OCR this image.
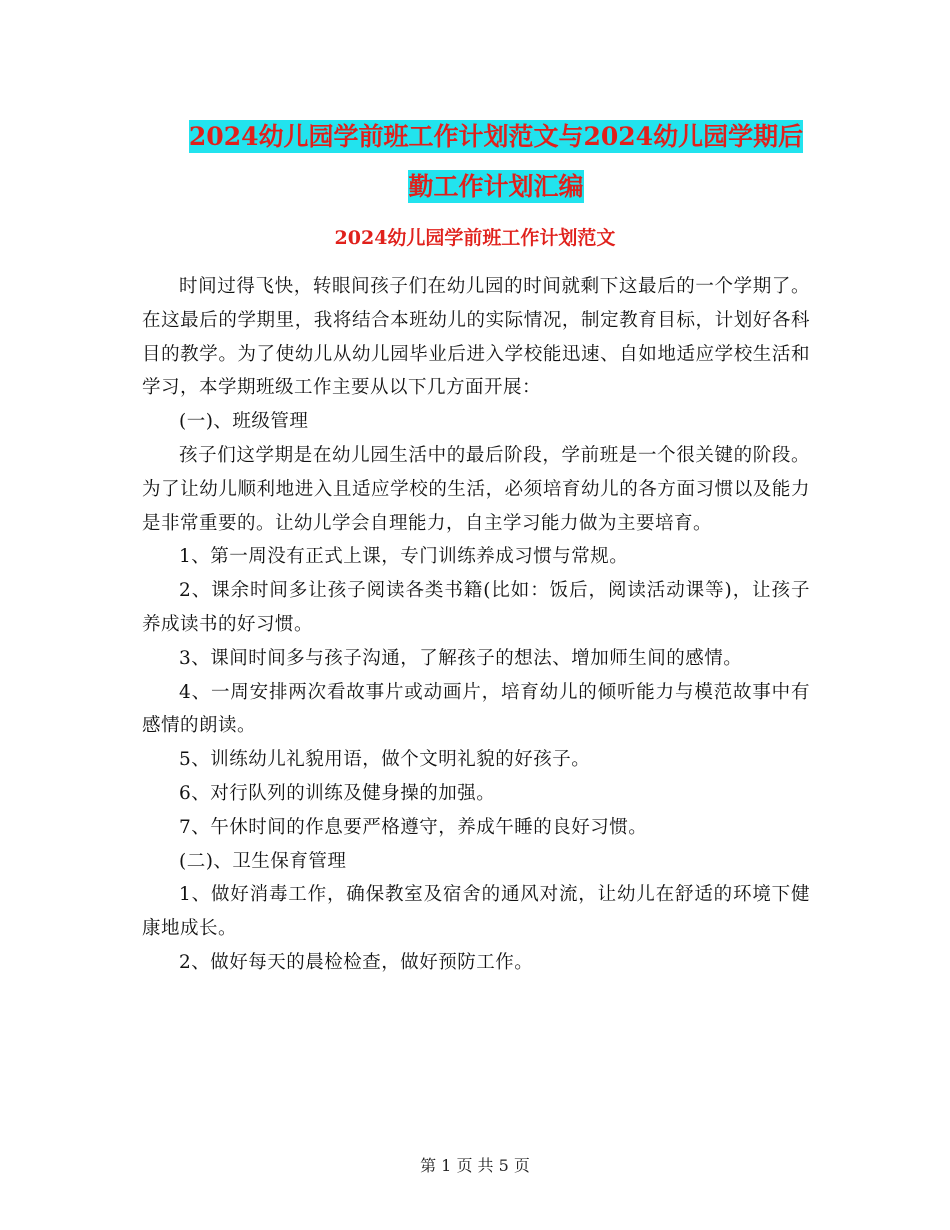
2024幼儿园学前班工作计划范文与2024幼儿园学期后
勤工作计划汇编
2024幼儿园学前班工作计划范文

时间过得飞快，转眼间孩子们在幼儿园的时间就剩下这最后的一个学期了。在这最后的学期里，我将结合本班幼儿的实际情况，制定教育目标，计划好各科目的教学。为了使幼儿从幼儿园毕业后进入学校能迅速、自如地适应学校生活和学习，本学期班级工作主要从以下几方面开展：

(一)、班级管理

孩子们这学期是在幼儿园生活中的最后阶段，学前班是一个很关键的阶段。为了让幼儿顺利地进入且适应学校的生活，必须培育幼儿的各方面习惯以及能力是非常重要的。让幼儿学会自理能力，自主学习能力做为主要培育。

1、第一周没有正式上课，专门训练养成习惯与常规。

2、课余时间多让孩子阅读各类书籍(比如：饭后，阅读活动课等)，让孩子养成读书的好习惯。

3、课间时间多与孩子沟通，了解孩子的想法、增加师生间的感情。

4、一周安排两次看故事片或动画片，培育幼儿的倾听能力与模范故事中有感情的朗读。

5、训练幼儿礼貌用语，做个文明礼貌的好孩子。

6、对行队列的训练及健身操的加强。

7、午休时间的作息要严格遵守，养成午睡的良好习惯。

(二)、卫生保育管理

1、做好消毒工作，确保教室及宿舍的通风对流，让幼儿在舒适的环境下健康地成长。

2、做好每天的晨检检查，做好预防工作。

第 1 页 共 5 页
